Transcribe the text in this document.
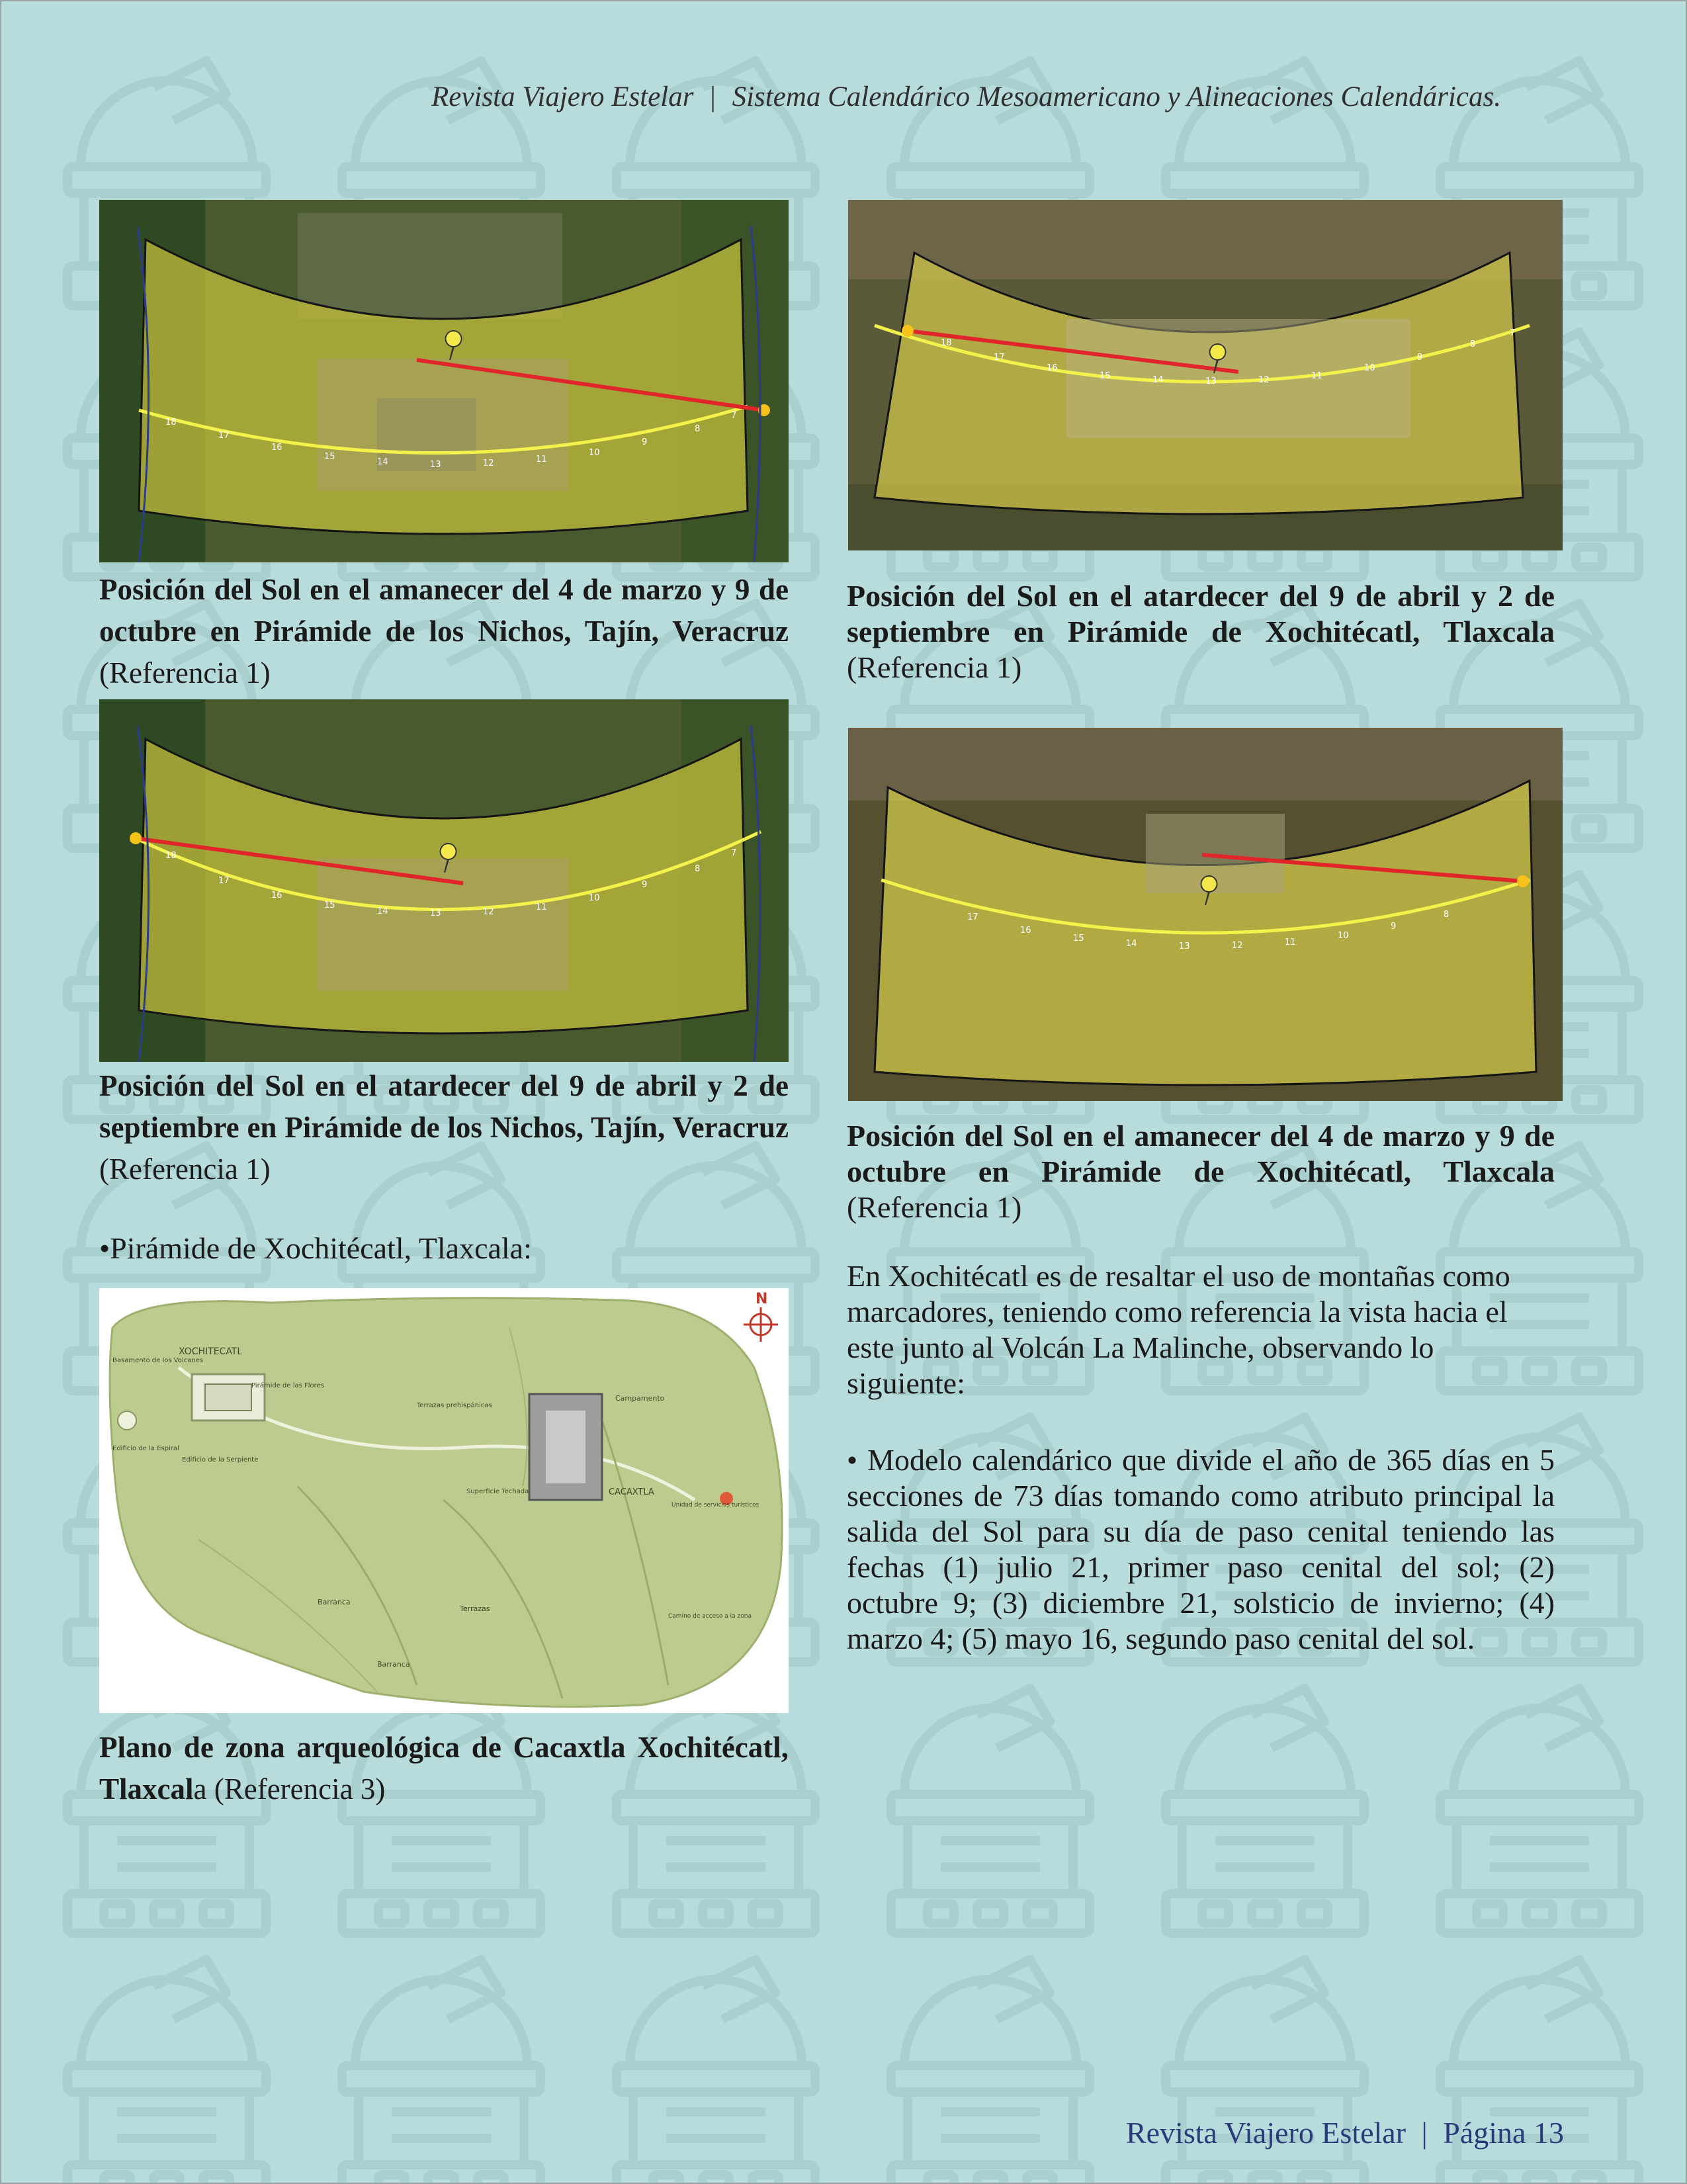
Revista Viajero Estelar | Sistema Calendárico Mesoamericano y Alineaciones Calendáricas.
18
17
16
15
14	13	12	11
10
9
8
7
Posición del Sol en el amanecer del 4 de marzo y 9 de octubre en Pirámide de los Nichos, Tajín, Veracruz (Referencia 1)
18
17
16
15	14	13	12	11
10
9
8
7
Posición del Sol en el atardecer del 9 de abril y 2 de septiembre en Pirámide de Xochitécatl, Tlaxcala (Referencia 1)
18
17
16
15
14	13	12	11
10
9
8
7
Posición del Sol en el atardecer del 9 de abril y 2 de septiembre en Pirámide de los Nichos, Tajín, Veracruz (Referencia 1)
17
16
15
14	13	12	11
10
9
8
Posición del Sol en el amanecer del 4 de marzo y 9 de octubre en Pirámide de Xochitécatl, Tlaxcala (Referencia 1)
•Pirámide de Xochitécatl, Tlaxcala:
N
XOCHITECATL
Basamento de los Volcanes
Pirámide de las Flores
Edificio de la Espiral
Edificio de la Serpiente
Terrazas prehispánicas
Campamento
Superficie Techada	CACAXTLA
Unidad de servicios turísticos
Barranca
Terrazas
Barranca
Camino de acceso a la zona
Plano de zona arqueológica de Cacaxtla Xochitécatl, Tlaxcala (Referencia 3)
En Xochitécatl es de resaltar el uso de montañas como marcadores, teniendo como referencia la vista hacia el este junto al Volcán La Malinche, observando lo siguiente:
• Modelo calendárico que divide el año de 365 días en 5 secciones de 73 días tomando como atributo principal la salida del Sol para su día de paso cenital teniendo las fechas (1) julio 21, primer paso cenital del sol; (2) octubre 9; (3) diciembre 21, solsticio de invierno; (4) marzo 4; (5) mayo 16, segundo paso cenital del sol.
Revista Viajero Estelar | Página 13
